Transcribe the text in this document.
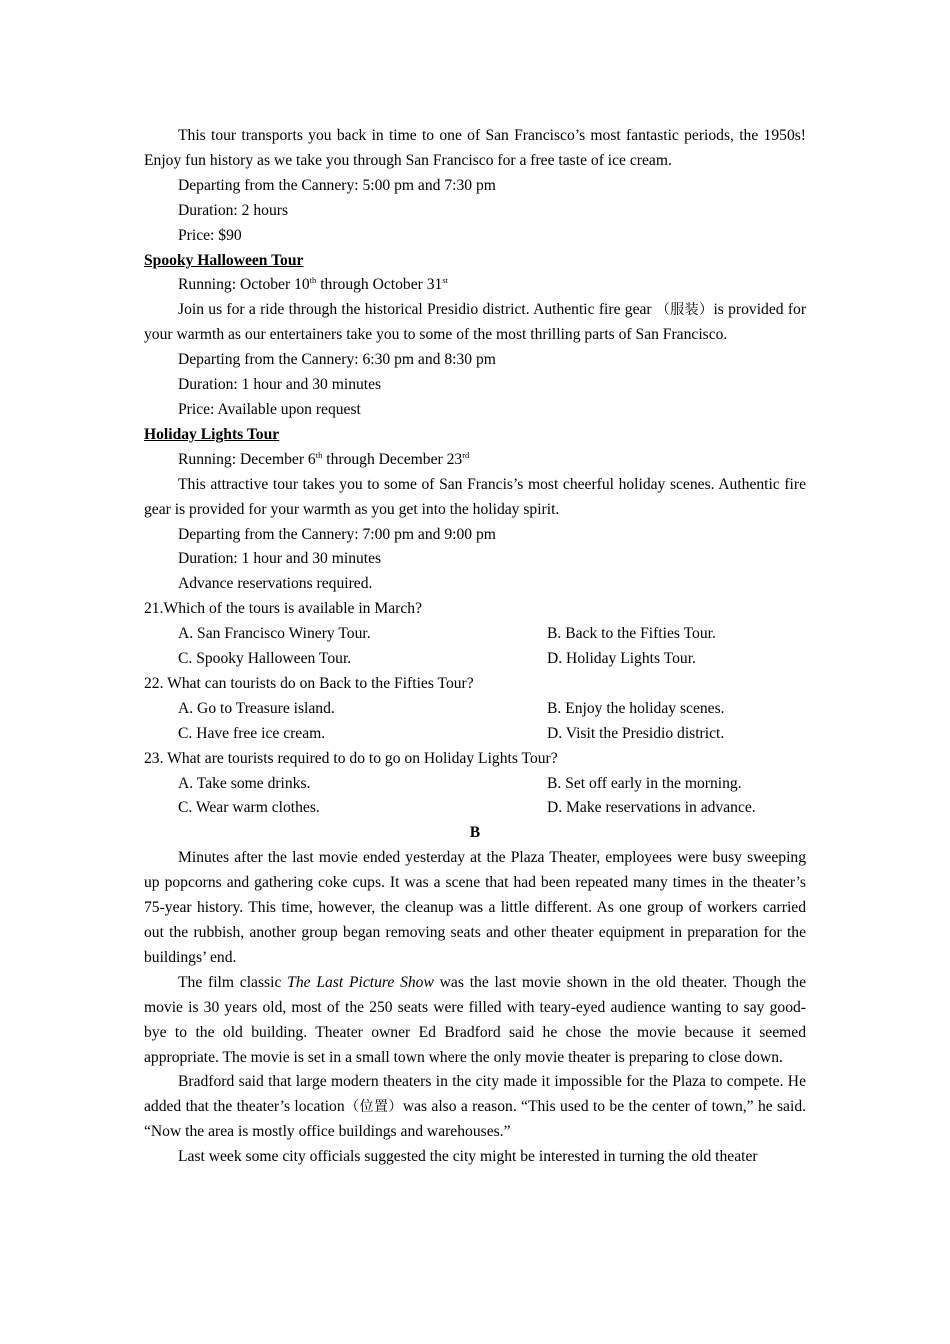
This tour transports you back in time to one of San Francisco’s most fantastic periods, the 1950s! Enjoy fun history as we take you through San Francisco for a free taste of ice cream.

Departing from the Cannery: 5:00 pm and 7:30 pm

Duration: 2 hours

Price: $90

Spooky Halloween Tour

Running: October 10th through October 31st

Join us for a ride through the historical Presidio district. Authentic fire gear （服装）is provided for your warmth as our entertainers take you to some of the most thrilling parts of San Francisco.

Departing from the Cannery: 6:30 pm and 8:30 pm

Duration: 1 hour and 30 minutes

Price: Available upon request

Holiday Lights Tour

Running: December 6th through December 23rd

This attractive tour takes you to some of San Francis’s most cheerful holiday scenes. Authentic fire gear is provided for your warmth as you get into the holiday spirit.

Departing from the Cannery: 7:00 pm and 9:00 pm

Duration: 1 hour and 30 minutes

Advance reservations required.

21.Which of the tours is available in March?

A. San Francisco Winery Tour.	B. Back to the Fifties Tour.
C. Spooky Halloween Tour.	D. Holiday Lights Tour.

22. What can tourists do on Back to the Fifties Tour?

A. Go to Treasure island.	B. Enjoy the holiday scenes.
C. Have free ice cream.	D. Visit the Presidio district.

23. What are tourists required to do to go on Holiday Lights Tour?

A. Take some drinks.	B. Set off early in the morning.
C. Wear warm clothes.	D. Make reservations in advance.

B

Minutes after the last movie ended yesterday at the Plaza Theater, employees were busy sweeping up popcorns and gathering coke cups. It was a scene that had been repeated many times in the theater’s 75-year history. This time, however, the cleanup was a little different. As one group of workers carried out the rubbish, another group began removing seats and other theater equipment in preparation for the buildings’ end.

The film classic The Last Picture Show was the last movie shown in the old theater. Though the movie is 30 years old, most of the 250 seats were filled with teary-eyed audience wanting to say good-bye to the old building. Theater owner Ed Bradford said he chose the movie because it seemed appropriate. The movie is set in a small town where the only movie theater is preparing to close down.

Bradford said that large modern theaters in the city made it impossible for the Plaza to compete. He added that the theater’s location（位置）was also a reason. “This used to be the center of town,” he said. “Now the area is mostly office buildings and warehouses.”

Last week some city officials suggested the city might be interested in turning the old theater
